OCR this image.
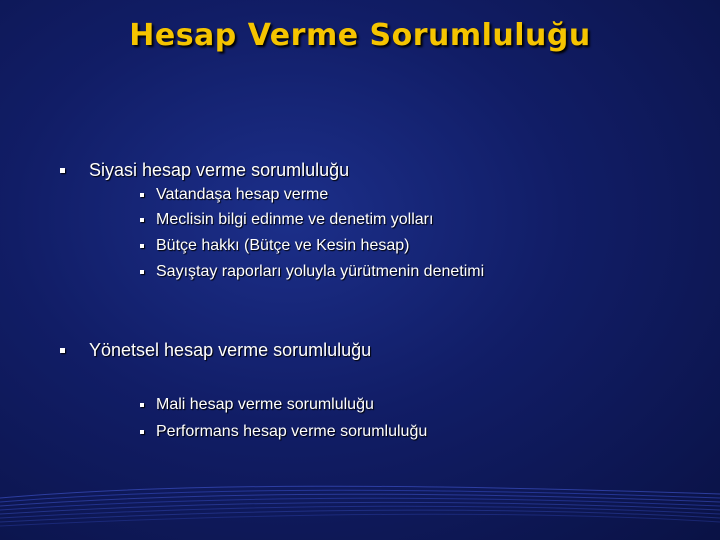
Hesap Verme Sorumluluğu
Siyasi hesap verme sorumluluğu
Vatandaşa hesap verme
Meclisin bilgi edinme ve denetim yolları
Bütçe hakkı (Bütçe ve Kesin hesap)
Sayıştay raporları yoluyla yürütmenin denetimi
Yönetsel hesap verme sorumluluğu
Mali hesap verme sorumluluğu
Performans hesap verme sorumluluğu
